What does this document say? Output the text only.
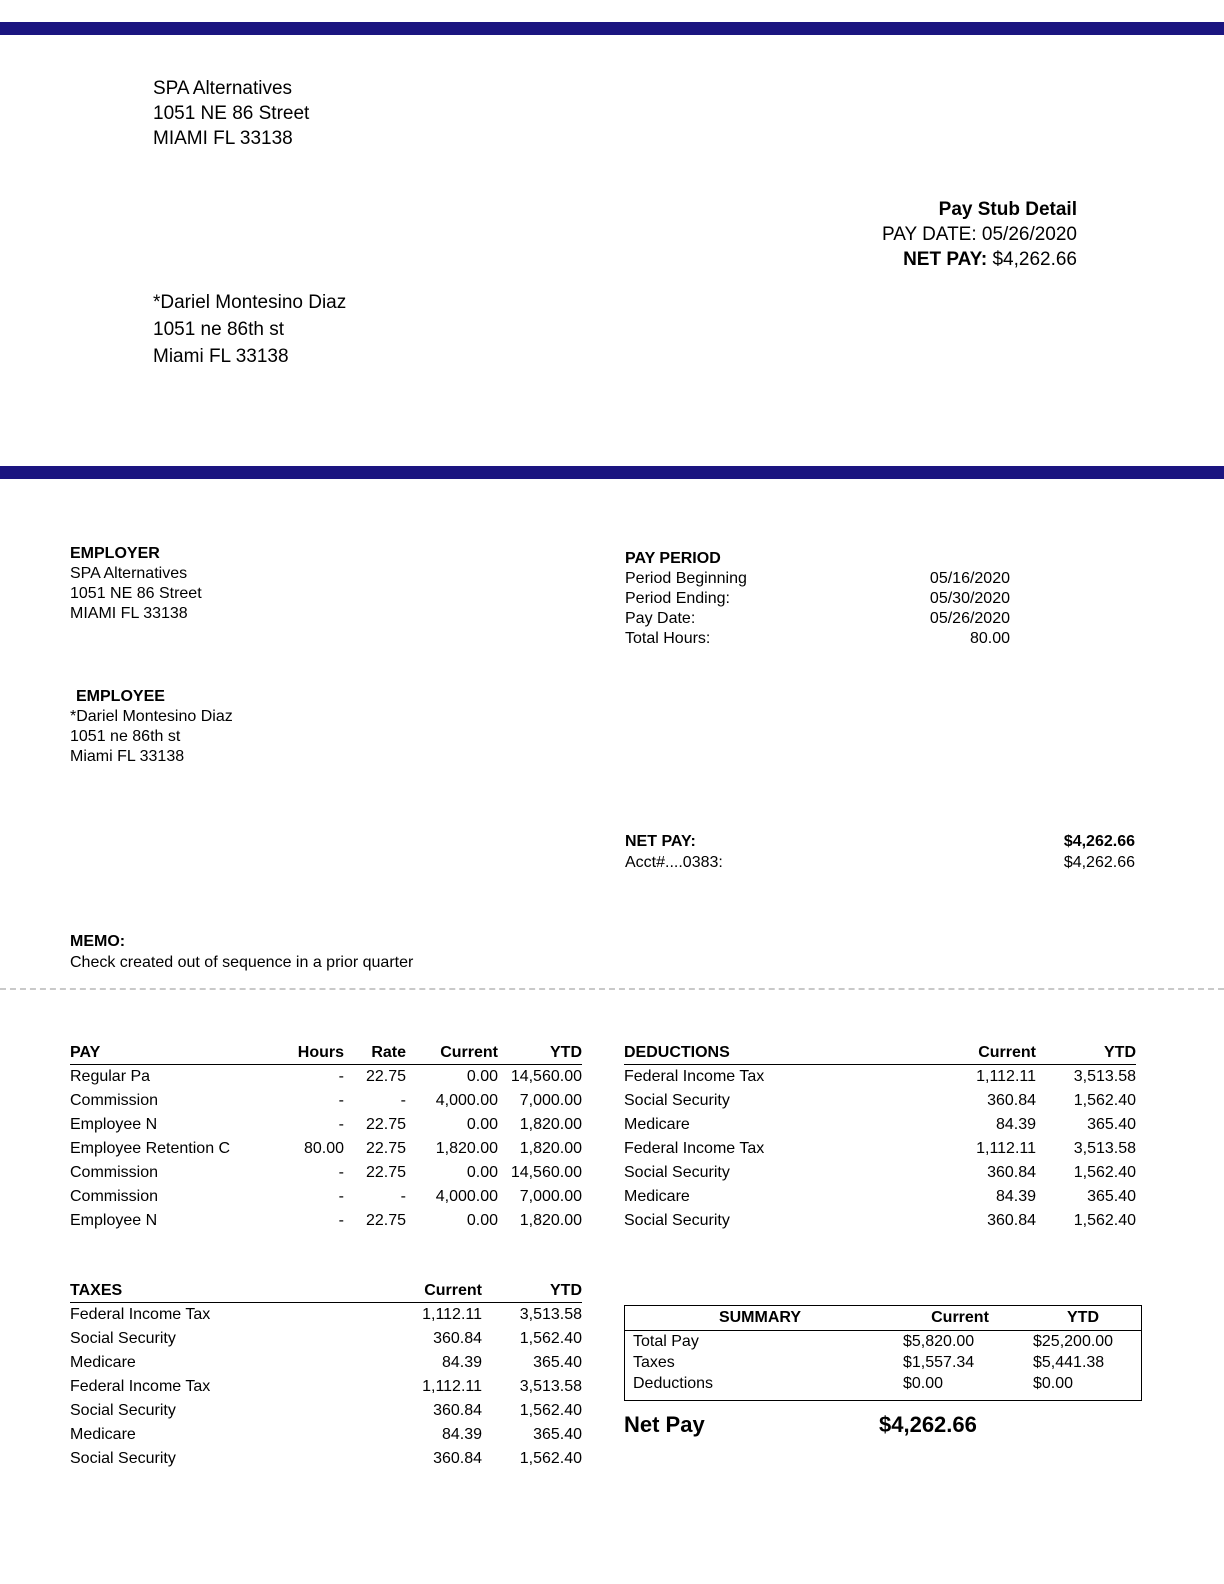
SPA Alternatives
1051 NE 86 Street
MIAMI FL 33138
Pay Stub Detail
PAY DATE: 05/26/2020
NET PAY: $4,262.66
*Dariel Montesino Diaz
1051 ne 86th st
Miami FL 33138
EMPLOYER
SPA Alternatives
1051 NE 86 Street
MIAMI FL 33138
EMPLOYEE
*Dariel Montesino Diaz
1051 ne 86th st
Miami FL 33138
PAY PERIOD
Period Beginning	05/16/2020
Period Ending:	05/30/2020
Pay Date:	05/26/2020
Total Hours:	80.00
NET PAY:	$4,262.66
Acct#....0383:	$4,262.66
MEMO:
Check created out of sequence in a prior quarter
PAY	Hours	Rate	Current	YTD
Regular Pa	-	22.75	0.00	14,560.00
Commission	-	-	4,000.00	7,000.00
Employee N	-	22.75	0.00	1,820.00
Employee Retention C	80.00	22.75	1,820.00	1,820.00
Commission	-	22.75	0.00	14,560.00
Commission	-	-	4,000.00	7,000.00
Employee N	-	22.75	0.00	1,820.00
DEDUCTIONS	Current	YTD
Federal Income Tax	1,112.11	3,513.58
Social Security	360.84	1,562.40
Medicare	84.39	365.40
Federal Income Tax	1,112.11	3,513.58
Social Security	360.84	1,562.40
Medicare	84.39	365.40
Social Security	360.84	1,562.40
TAXES	Current	YTD
Federal Income Tax	1,112.11	3,513.58
Social Security	360.84	1,562.40
Medicare	84.39	365.40
Federal Income Tax	1,112.11	3,513.58
Social Security	360.84	1,562.40
Medicare	84.39	365.40
Social Security	360.84	1,562.40
SUMMARY	Current	YTD
Total Pay	$5,820.00	$25,200.00
Taxes	$1,557.34	$5,441.38
Deductions	$0.00	$0.00
Net Pay	$4,262.66
